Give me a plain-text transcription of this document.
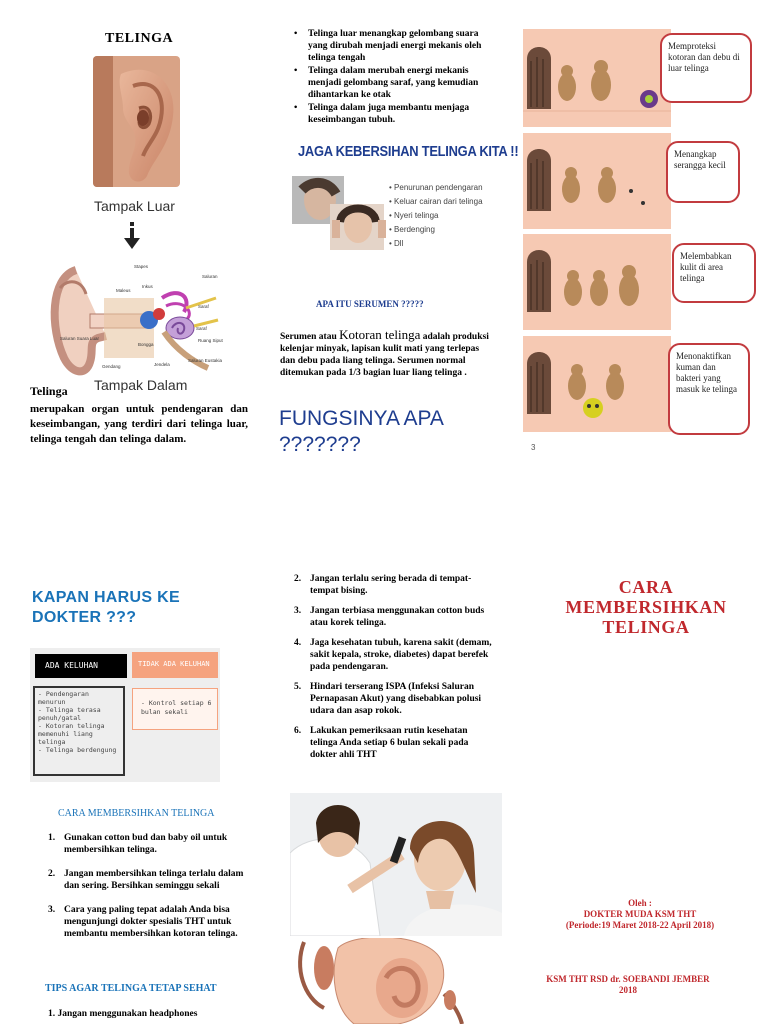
TELINGA
Tampak Luar
Stapes
Maleus
Inkus
Saluran
Saraf
Saraf
Ruang Siput
Saluran Eustakia
Jendela
Bongga
Gendang
Saluran Suara Luar
Tampak Dalam
Telinga
merupakan organ untuk pendengaran dan keseimbangan, yang terdiri dari telinga luar, telinga tengah dan telinga dalam.
• Telinga luar menangkap gelombang suara yang dirubah menjadi energi mekanis oleh telinga tengah
• Telinga dalam merubah energi mekanis menjadi gelombang saraf, yang kemudian dihantarkan ke otak
• Telinga dalam juga membantu menjaga keseimbangan tubuh.
JAGA KEBERSIHAN TELINGA KITA !!
• Penurunan pendengaran
• Keluar cairan dari telinga
• Nyeri telinga
• Berdenging
• Dll
APA ITU SERUMEN ?????
Serumen atau Kotoran telinga adalah produksi kelenjar minyak, lapisan kulit mati yang terlepas dan debu pada liang telinga. Serumen normal ditemukan pada 1/3 bagian luar liang telinga .
FUNGSINYA APA ???????
Memproteksi kotoran dan debu di luar telinga
Menangkap serangga kecil
Melembabkan kulit di area telinga
Menonaktifkan kuman dan bakteri yang masuk ke telinga
3
KAPAN HARUS KE DOKTER ???
ADA KELUHAN	TIDAK ADA KELUHAN
- Pendengaran menurun
- Telinga terasa penuh/gatal
- Kotoran telinga memenuhi liang telinga
- Telinga berdengung
- Kontrol setiap 6 bulan sekali
CARA MEMBERSIHKAN TELINGA
1. Gunakan cotton bud dan baby oil untuk membersihkan telinga.
2. Jangan membersihkan telinga terlalu dalam dan sering. Bersihkan seminggu sekali
3. Cara yang paling tepat adalah Anda bisa mengunjungi dokter spesialis THT untuk membantu membersihkan kotoran telinga.
TIPS AGAR TELINGA TETAP SEHAT
1. Jangan menggunakan headphones
2. Jangan terlalu sering berada di tempat-tempat bising.
3. Jangan terbiasa menggunakan cotton buds atau korek telinga.
4. Jaga kesehatan tubuh, karena sakit (demam, sakit kepala, stroke, diabetes) dapat berefek pada pendengaran.
5. Hindari terserang ISPA (Infeksi Saluran Pernapasan Akut) yang disebabkan polusi udara dan asap rokok.
6. Lakukan pemeriksaan rutin kesehatan telinga Anda setiap 6 bulan sekali pada dokter ahli THT
CARA MEMBERSIHKAN TELINGA
Oleh :
DOKTER MUDA KSM THT
(Periode:19 Maret 2018-22 April 2018)
KSM THT RSD dr. SOEBANDI JEMBER
2018
